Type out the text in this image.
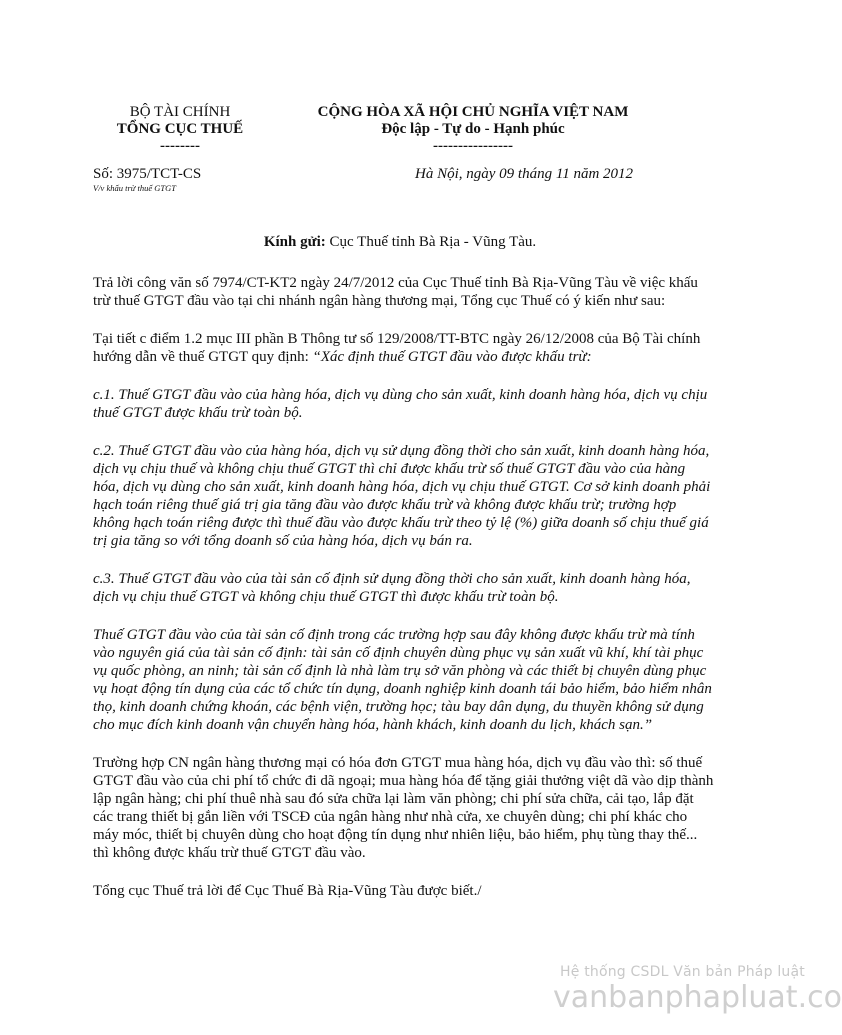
BỘ TÀI CHÍNH
TỔNG CỤC THUẾ
--------
CỘNG HÒA XÃ HỘI CHỦ NGHĨA VIỆT NAM
Độc lập - Tự do - Hạnh phúc
----------------
Số: 3975/TCT-CS
V/v khấu trừ thuế GTGT
Hà Nội, ngày 09 tháng 11 năm 2012
Kính gửi: Cục Thuế tỉnh Bà Rịa - Vũng Tàu.

Trả lời công văn số 7974/CT-KT2 ngày 24/7/2012 của Cục Thuế tỉnh Bà Rịa-Vũng Tàu về việc khấu trừ thuế GTGT đầu vào tại chi nhánh ngân hàng thương mại, Tổng cục Thuế có ý kiến như sau:

Tại tiết c điểm 1.2 mục III phần B Thông tư số 129/2008/TT-BTC ngày 26/12/2008 của Bộ Tài chính hướng dẫn về thuế GTGT quy định: “Xác định thuế GTGT đầu vào được khấu trừ:

c.1. Thuế GTGT đầu vào của hàng hóa, dịch vụ dùng cho sản xuất, kinh doanh hàng hóa, dịch vụ chịu thuế GTGT được khấu trừ toàn bộ.

c.2. Thuế GTGT đầu vào của hàng hóa, dịch vụ sử dụng đồng thời cho sản xuất, kinh doanh hàng hóa, dịch vụ chịu thuế và không chịu thuế GTGT thì chỉ được khấu trừ số thuế GTGT đầu vào của hàng hóa, dịch vụ dùng cho sản xuất, kinh doanh hàng hóa, dịch vụ chịu thuế GTGT. Cơ sở kinh doanh phải hạch toán riêng thuế giá trị gia tăng đầu vào được khấu trừ và không được khấu trừ; trường hợp không hạch toán riêng được thì thuế đầu vào được khấu trừ theo tỷ lệ (%) giữa doanh số chịu thuế giá trị gia tăng so với tổng doanh số của hàng hóa, dịch vụ bán ra.

c.3. Thuế GTGT đầu vào của tài sản cố định sử dụng đồng thời cho sản xuất, kinh doanh hàng hóa, dịch vụ chịu thuế GTGT và không chịu thuế GTGT thì được khấu trừ toàn bộ.

Thuế GTGT đầu vào của tài sản cố định trong các trường hợp sau đây không được khấu trừ mà tính vào nguyên giá của tài sản cố định: tài sản cố định chuyên dùng phục vụ sản xuất vũ khí, khí tài phục vụ quốc phòng, an ninh; tài sản cố định là nhà làm trụ sở văn phòng và các thiết bị chuyên dùng phục vụ hoạt động tín dụng của các tổ chức tín dụng, doanh nghiệp kinh doanh tái bảo hiểm, bảo hiểm nhân thọ, kinh doanh chứng khoán, các bệnh viện, trường học; tàu bay dân dụng, du thuyền không sử dụng cho mục đích kinh doanh vận chuyển hàng hóa, hành khách, kinh doanh du lịch, khách sạn.”

Trường hợp CN ngân hàng thương mại có hóa đơn GTGT mua hàng hóa, dịch vụ đầu vào thì: số thuế GTGT đầu vào của chi phí tổ chức đi dã ngoại; mua hàng hóa để tặng giải thưởng việt dã vào dịp thành lập ngân hàng; chi phí thuê nhà sau đó sửa chữa lại làm văn phòng; chi phí sửa chữa, cải tạo, lắp đặt các trang thiết bị gắn liền với TSCĐ của ngân hàng như nhà cửa, xe chuyên dùng; chi phí khác cho máy móc, thiết bị chuyên dùng cho hoạt động tín dụng như nhiên liệu, bảo hiểm, phụ tùng thay thế... thì không được khấu trừ thuế GTGT đầu vào.

Tổng cục Thuế trả lời để Cục Thuế Bà Rịa-Vũng Tàu được biết./

Hệ thống CSDL Văn bản Pháp luật
vanbanphapluat.co
